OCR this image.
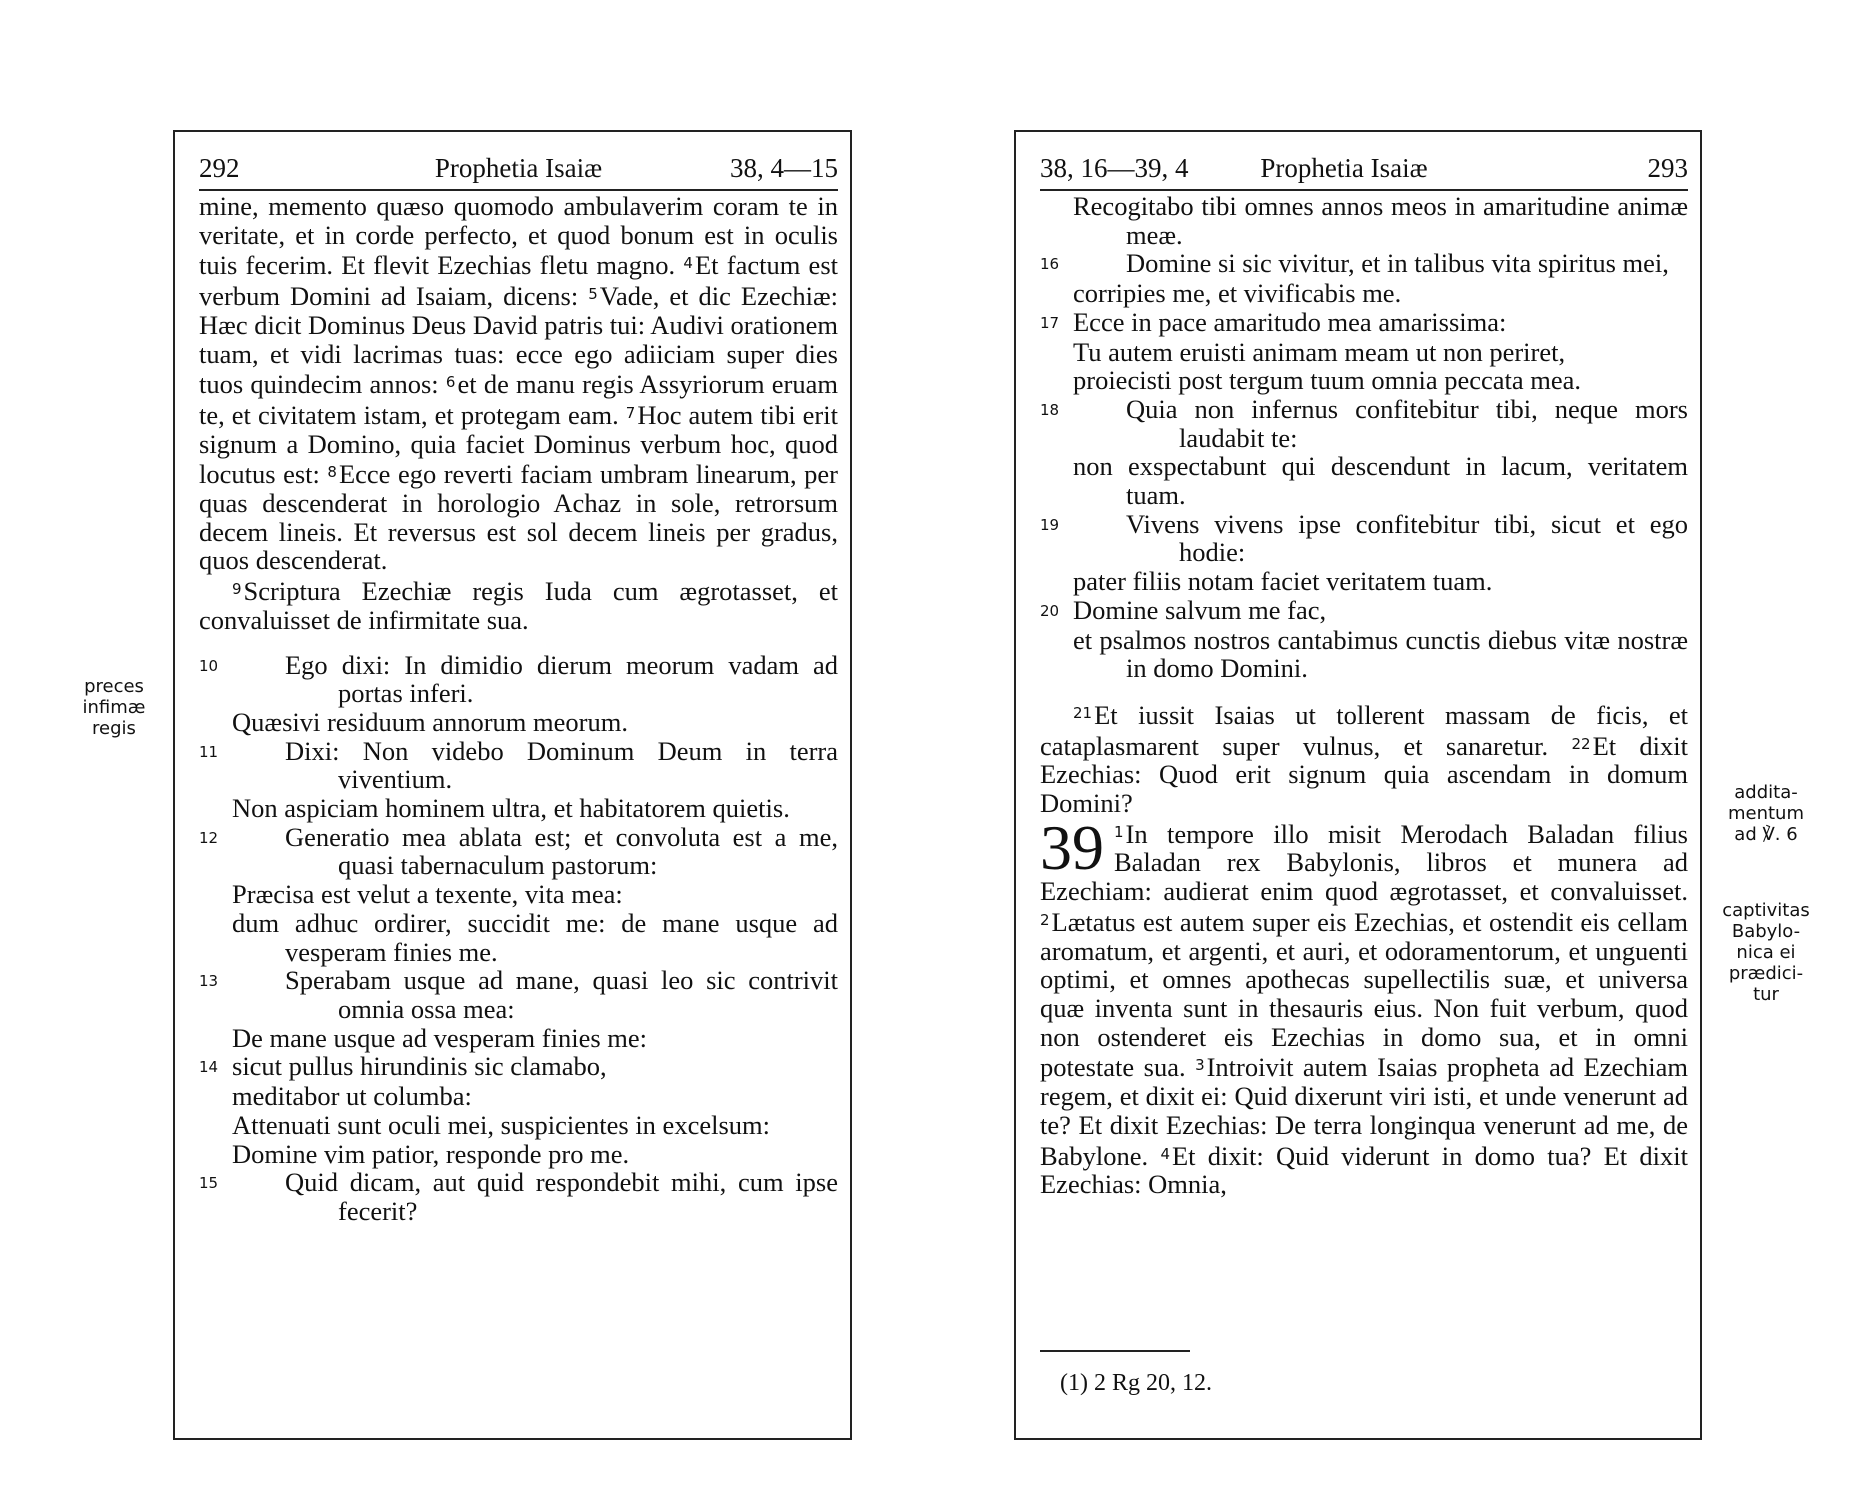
preces
infimæ
regis
292	Prophetia Isaiæ	38, 4—15

mine, memento quæso quomodo ambulaverim coram te in veritate, et in corde perfecto, et quod bonum est in oculis tuis fecerim. Et flevit Ezechias fletu magno. $^4$Et factum est verbum Domini ad Isaiam, dicens: $^5$Vade, et dic Ezechiæ: Hæc dicit Dominus Deus David patris tui: Audivi orationem tuam, et vidi lacrimas tuas: ecce ego adiiciam super dies tuos quindecim annos: $^6$et de manu regis Assyriorum eruam te, et civitatem istam, et protegam eam. $^7$Hoc autem tibi erit signum a Domino, quia faciet Dominus verbum hoc, quod locutus est: $^8$Ecce ego reverti faciam umbram linearum, per quas descenderat in horologio Achaz in sole, retrorsum decem lineis. Et reversus est sol decem lineis per gradus, quos descenderat.

$^9$Scriptura Ezechiæ regis Iuda cum ægrotasset, et convaluisset de infirmitate sua.

10	Ego dixi: In dimidio dierum meorum vadam ad portas inferi.

Quæsivi residuum annorum meorum.

11	Dixi: Non videbo Dominum Deum in terra viventium.

Non aspiciam hominem ultra, et habitatorem quietis.

12	Generatio mea ablata est; et convoluta est a me, quasi tabernaculum pastorum:

Præcisa est velut a texente, vita mea:

dum adhuc ordirer, succidit me: de mane usque ad vesperam finies me.

13	Sperabam usque ad mane, quasi leo sic contrivit omnia ossa mea:

De mane usque ad vesperam finies me:

14 sicut pullus hirundinis sic clamabo,

meditabor ut columba:

Attenuati sunt oculi mei, suspicientes in excelsum:

Domine vim patior, responde pro me.

15	Quid dicam, aut quid respondebit mihi, cum ipse fecerit?
38, 16—39, 4	Prophetia Isaiæ	293

Recogitabo tibi omnes annos meos in amaritudine animæ meæ.

16	Domine si sic vivitur, et in talibus vita spiritus mei,

corripies me, et vivificabis me.

17 Ecce in pace amaritudo mea amarissima:

Tu autem eruisti animam meam ut non periret,

proiecisti post tergum tuum omnia peccata mea.

18	Quia non infernus confitebitur tibi, neque mors laudabit te:

non exspectabunt qui descendunt in lacum, veritatem tuam.

19	Vivens vivens ipse confitebitur tibi, sicut et ego hodie:

pater filiis notam faciet veritatem tuam.

20 Domine salvum me fac,

et psalmos nostros cantabimus cunctis diebus vitæ nostræ in domo Domini.

$^{21}$Et iussit Isaias ut tollerent massam de ficis, et cataplasmarent super vulnus, et sanaretur. $^{22}$Et dixit Ezechias: Quod erit signum quia ascendam in domum Domini?

39 $^1$In tempore illo misit Merodach Baladan filius Baladan rex Babylonis, libros et munera ad Ezechiam: audierat enim quod ægrotasset, et convaluisset. $^2$Lætatus est autem super eis Ezechias, et ostendit eis cellam aromatum, et argenti, et auri, et odoramentorum, et unguenti optimi, et omnes apothecas supellectilis suæ, et universa quæ inventa sunt in thesauris eius. Non fuit verbum, quod non ostenderet eis Ezechias in domo sua, et in omni potestate sua. $^3$Introivit autem Isaias propheta ad Ezechiam regem, et dixit ei: Quid dixerunt viri isti, et unde venerunt ad te? Et dixit Ezechias: De terra longinqua venerunt ad me, de Babylone. $^4$Et dixit: Quid viderunt in domo tua? Et dixit Ezechias: Omnia,

(1) 2 Rg 20, 12.
addita-
mentum
ad ℣. 6
captivitas
Babylo-
nica ei
prædici-
tur
